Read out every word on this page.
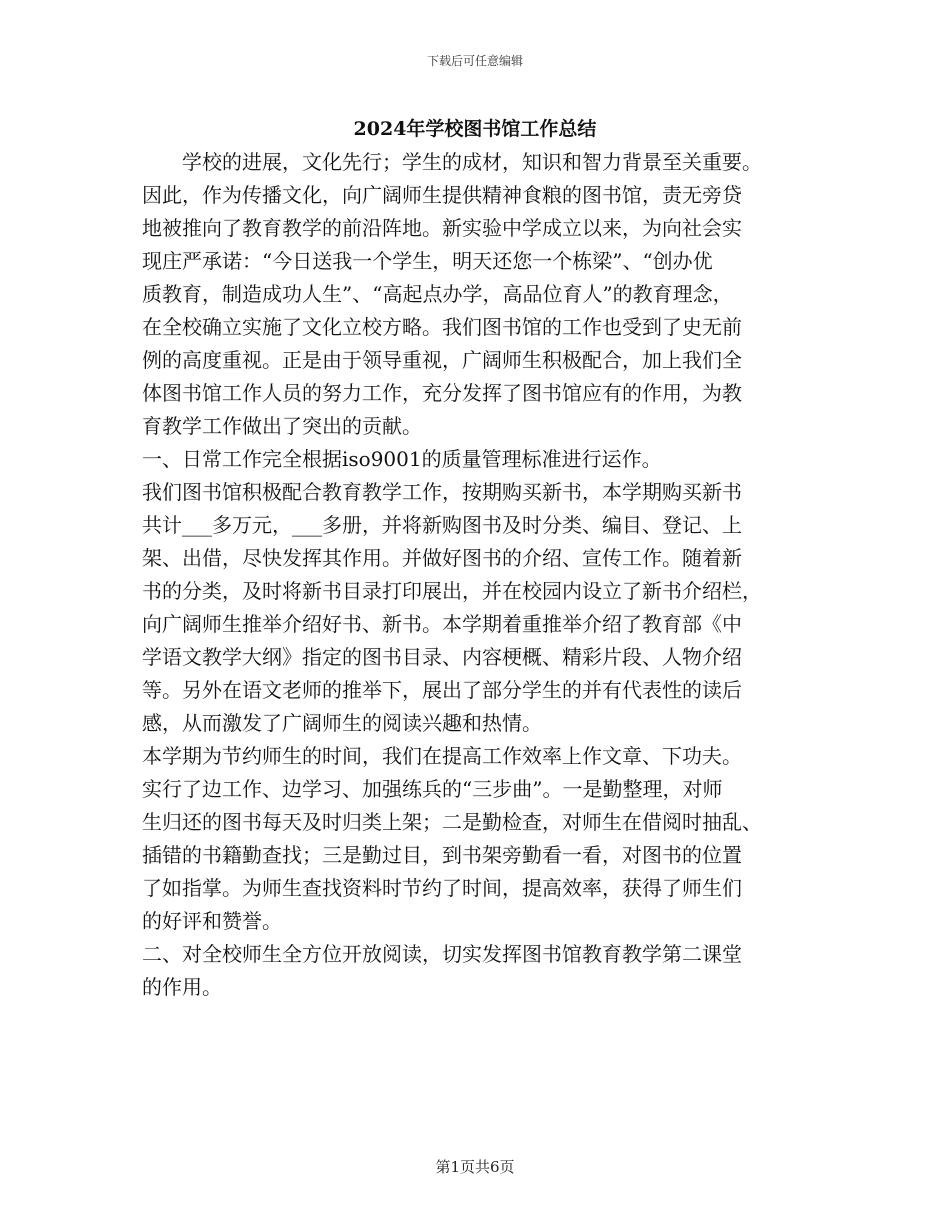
下载后可任意编辑
2024年学校图书馆工作总结
学校的进展，文化先行；学生的成材，知识和智力背景至关重要。
因此，作为传播文化，向广阔师生提供精神食粮的图书馆，责无旁贷
地被推向了教育教学的前沿阵地。新实验中学成立以来，为向社会实
现庄严承诺：“今日送我一个学生，明天还您一个栋梁”、“创办优
质教育，制造成功人生”、“高起点办学，高品位育人”的教育理念，
在全校确立实施了文化立校方略。我们图书馆的工作也受到了史无前
例的高度重视。正是由于领导重视，广阔师生积极配合，加上我们全
体图书馆工作人员的努力工作，充分发挥了图书馆应有的作用，为教
育教学工作做出了突出的贡献。
一、日常工作完全根据iso9001的质量管理标准进行运作。
我们图书馆积极配合教育教学工作，按期购买新书，本学期购买新书
共计___多万元，___多册，并将新购图书及时分类、编目、登记、上
架、出借，尽快发挥其作用。并做好图书的介绍、宣传工作。随着新
书的分类，及时将新书目录打印展出，并在校园内设立了新书介绍栏，
向广阔师生推举介绍好书、新书。本学期着重推举介绍了教育部《中
学语文教学大纲》指定的图书目录、内容梗概、精彩片段、人物介绍
等。另外在语文老师的推举下，展出了部分学生的并有代表性的读后
感，从而激发了广阔师生的阅读兴趣和热情。
本学期为节约师生的时间，我们在提高工作效率上作文章、下功夫。
实行了边工作、边学习、加强练兵的“三步曲”。一是勤整理，对师
生归还的图书每天及时归类上架；二是勤检查，对师生在借阅时抽乱、
插错的书籍勤查找；三是勤过目，到书架旁勤看一看，对图书的位置
了如指掌。为师生查找资料时节约了时间，提高效率，获得了师生们
的好评和赞誉。
二、对全校师生全方位开放阅读，切实发挥图书馆教育教学第二课堂
的作用。
第1页共6页
